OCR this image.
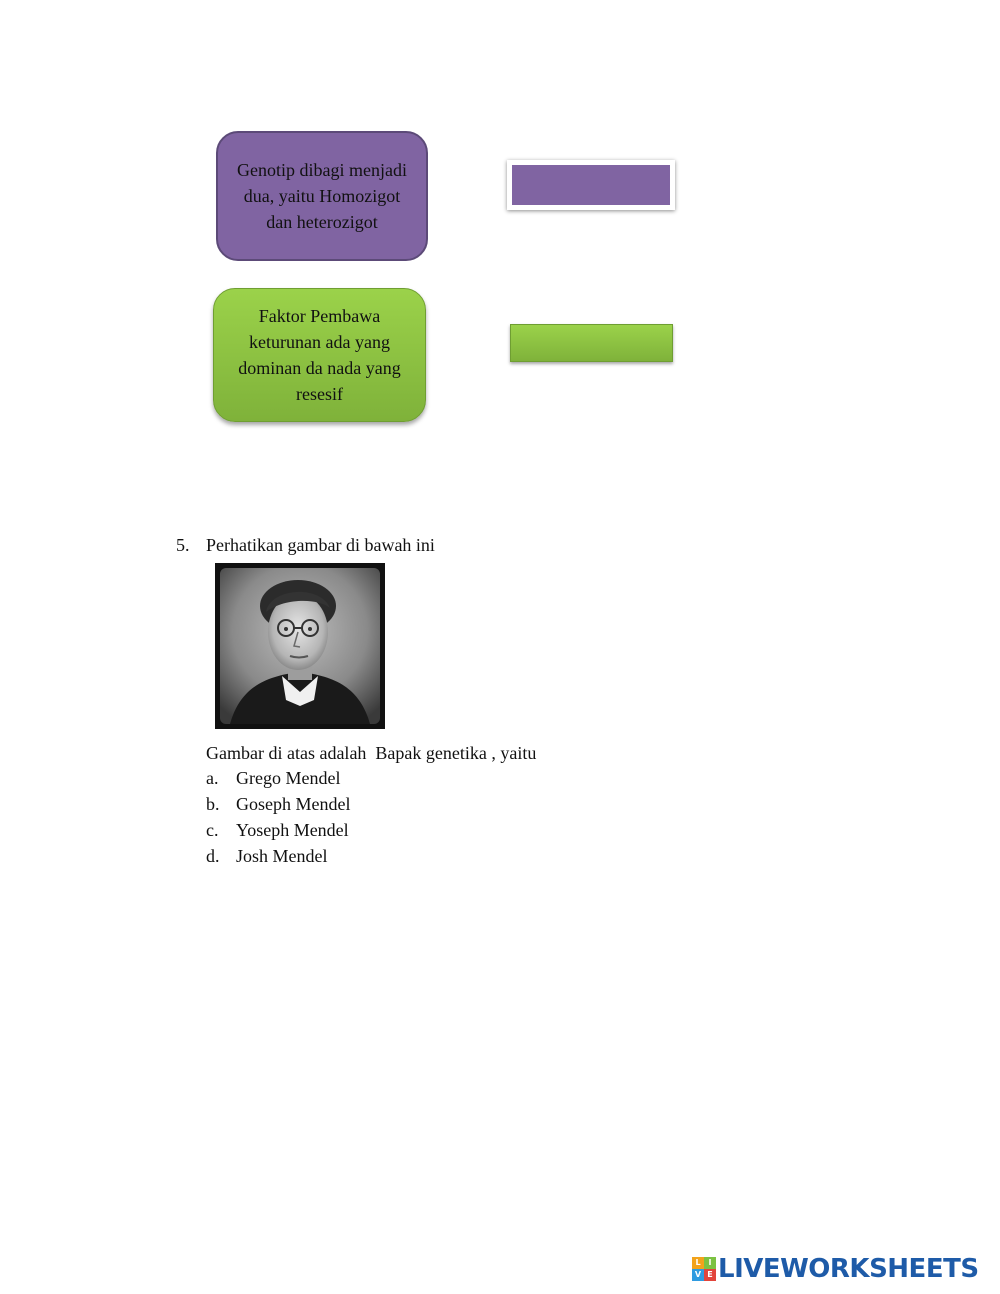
Genotip dibagi menjadi dua, yaitu Homozigot dan heterozigot
Faktor Pembawa keturunan ada yang dominan da nada yang resesif
5. Perhatikan gambar di bawah ini
Gambar di atas adalah  Bapak genetika , yaitu
a. Grego Mendel
b. Goseph Mendel
c. Yoseph Mendel
d. Josh Mendel
L I
V E LIVEWORKSHEETS
